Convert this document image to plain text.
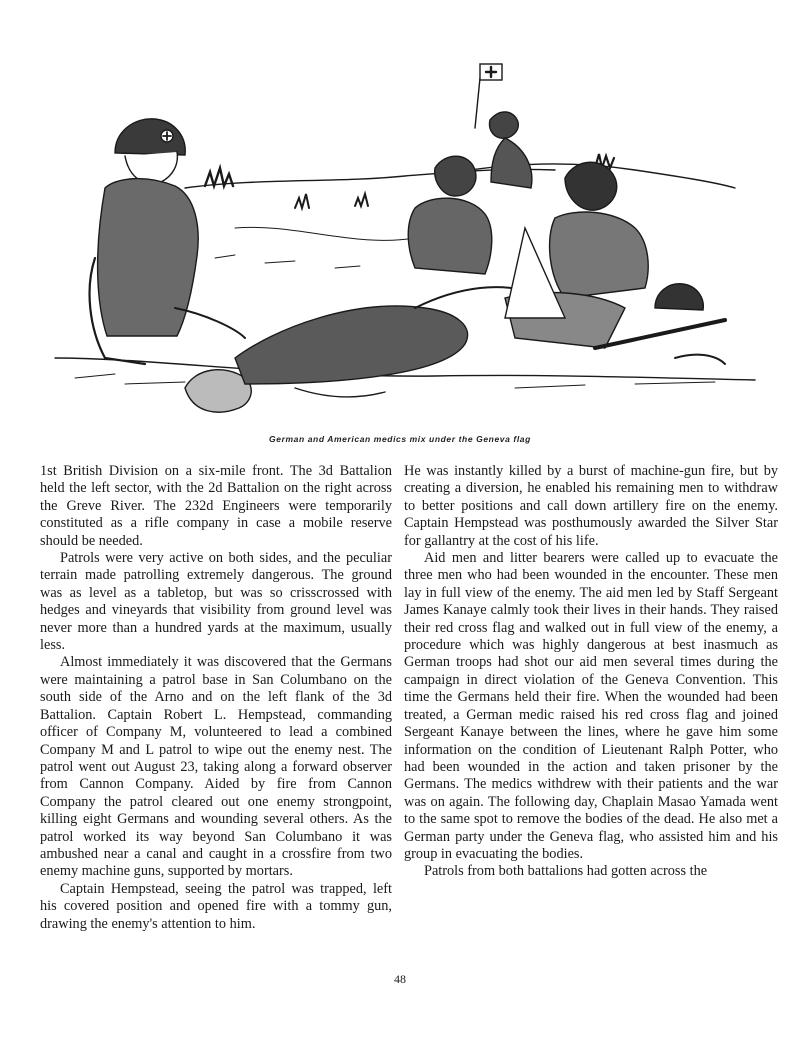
German and American medics mix under the Geneva flag

1st British Division on a six-mile front. The 3d Battalion held the left sector, with the 2d Battalion on the right across the Greve River. The 232d Engineers were temporarily constituted as a rifle company in case a mobile reserve should be needed.

Patrols were very active on both sides, and the peculiar terrain made patrolling extremely dangerous. The ground was as level as a tabletop, but was so crisscrossed with hedges and vineyards that visibility from ground level was never more than a hundred yards at the maximum, usually less.

Almost immediately it was discovered that the Germans were maintaining a patrol base in San Columbano on the south side of the Arno and on the left flank of the 3d Battalion. Captain Robert L. Hempstead, commanding officer of Company M, volunteered to lead a combined Company M and L patrol to wipe out the enemy nest. The patrol went out August 23, taking along a forward observer from Cannon Company. Aided by fire from Cannon Company the patrol cleared out one enemy strongpoint, killing eight Germans and wounding several others. As the patrol worked its way beyond San Columbano it was ambushed near a canal and caught in a crossfire from two enemy machine guns, supported by mortars.

Captain Hempstead, seeing the patrol was trapped, left his covered position and opened fire with a tommy gun, drawing the enemy's attention to him.

He was instantly killed by a burst of machine-gun fire, but by creating a diversion, he enabled his remaining men to withdraw to better positions and call down artillery fire on the enemy. Captain Hempstead was posthumously awarded the Silver Star for gallantry at the cost of his life.

Aid men and litter bearers were called up to evacuate the three men who had been wounded in the encounter. These men lay in full view of the enemy. The aid men led by Staff Sergeant James Kanaye calmly took their lives in their hands. They raised their red cross flag and walked out in full view of the enemy, a procedure which was highly dangerous at best inasmuch as German troops had shot our aid men several times during the campaign in direct violation of the Geneva Convention. This time the Germans held their fire. When the wounded had been treated, a German medic raised his red cross flag and joined Sergeant Kanaye between the lines, where he gave him some information on the condition of Lieutenant Ralph Potter, who had been wounded in the action and taken prisoner by the Germans. The medics withdrew with their patients and the war was on again. The following day, Chaplain Masao Yamada went to the same spot to remove the bodies of the dead. He also met a German party under the Geneva flag, who assisted him and his group in evacuating the bodies.

Patrols from both battalions had gotten across the

48
